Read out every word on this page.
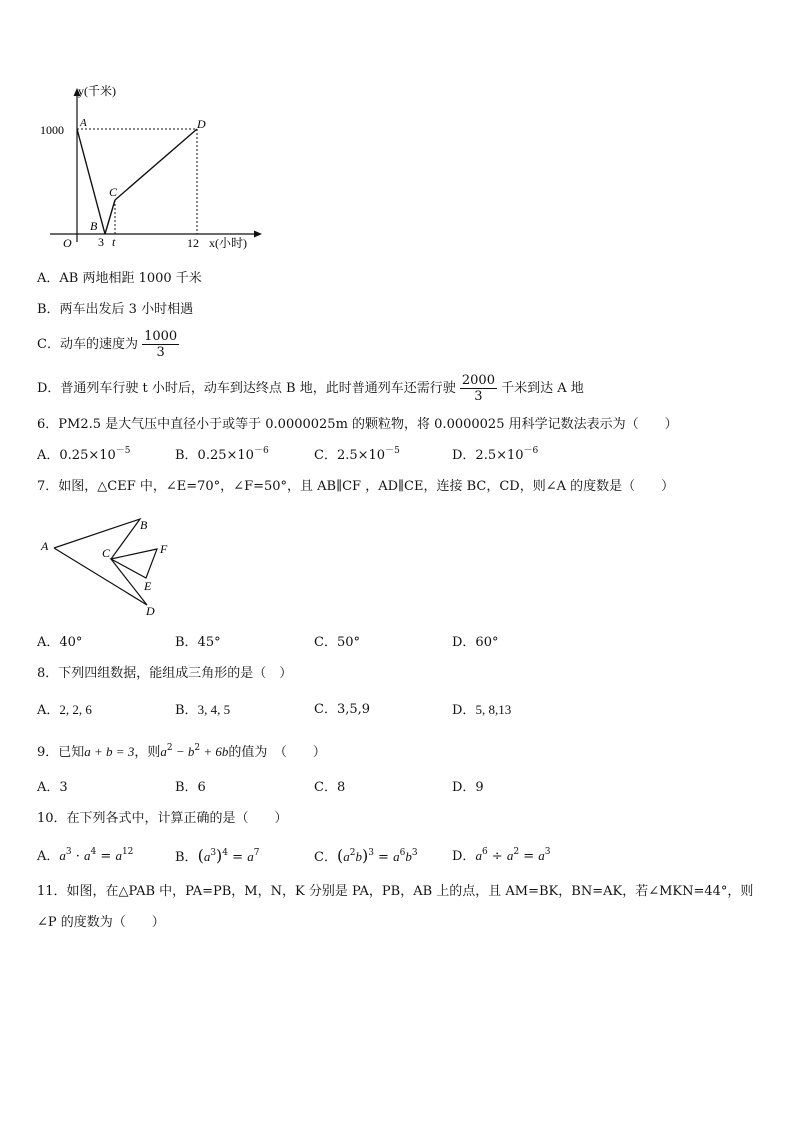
y(千米)
x(小时)
1000
O 3 t	12
A
B
C
D
A．AB 两地相距 1000 千米
B．两车出发后 3 小时相遇
C．动车的速度为 $\frac{1000}{3}$
D．普通列车行驶 t 小时后，动车到达终点 B 地，此时普通列车还需行驶 $\frac{2000}{3}$ 千米到达 A 地
6．PM2.5 是大气压中直径小于或等于 0.0000025m 的颗粒物，将 0.0000025 用科学记数法表示为（　　）
A．$0.25\times 10^{-5}$	B．$0.25\times 10^{-6}$	C．$2.5\times 10^{-5}$	D．$2.5\times 10^{-6}$
7．如图，△CEF 中，∠E=70°，∠F=50°，且 AB∥CF ，AD∥CE，连接 BC，CD，则∠A 的度数是（　　）
A
B
C
D
E
F
A．40°	B．45°	C．50°	D．60°
8．下列四组数据，能组成三角形的是（　）
A．2, 2, 6	B．3, 4, 5	C．3,5,9	D．5, 8,13
9．已知a + b = 3，则$a^2 - b^2 + 6b$的值为　（　　）
A．3	B．6	C．8	D．9
10．在下列各式中，计算正确的是（　　）
A．$a^3 \cdot a^4 = a^{12}$	B．$(a^3)^4 = a^7$	C．$(a^2b)^3 = a^6b^3$	D．$a^6 \div a^2 = a^3$
11．如图，在△PAB 中，PA=PB，M，N，K 分别是 PA，PB，AB 上的点，且 AM=BK，BN=AK，若∠MKN=44°，则
∠P 的度数为（　　）
